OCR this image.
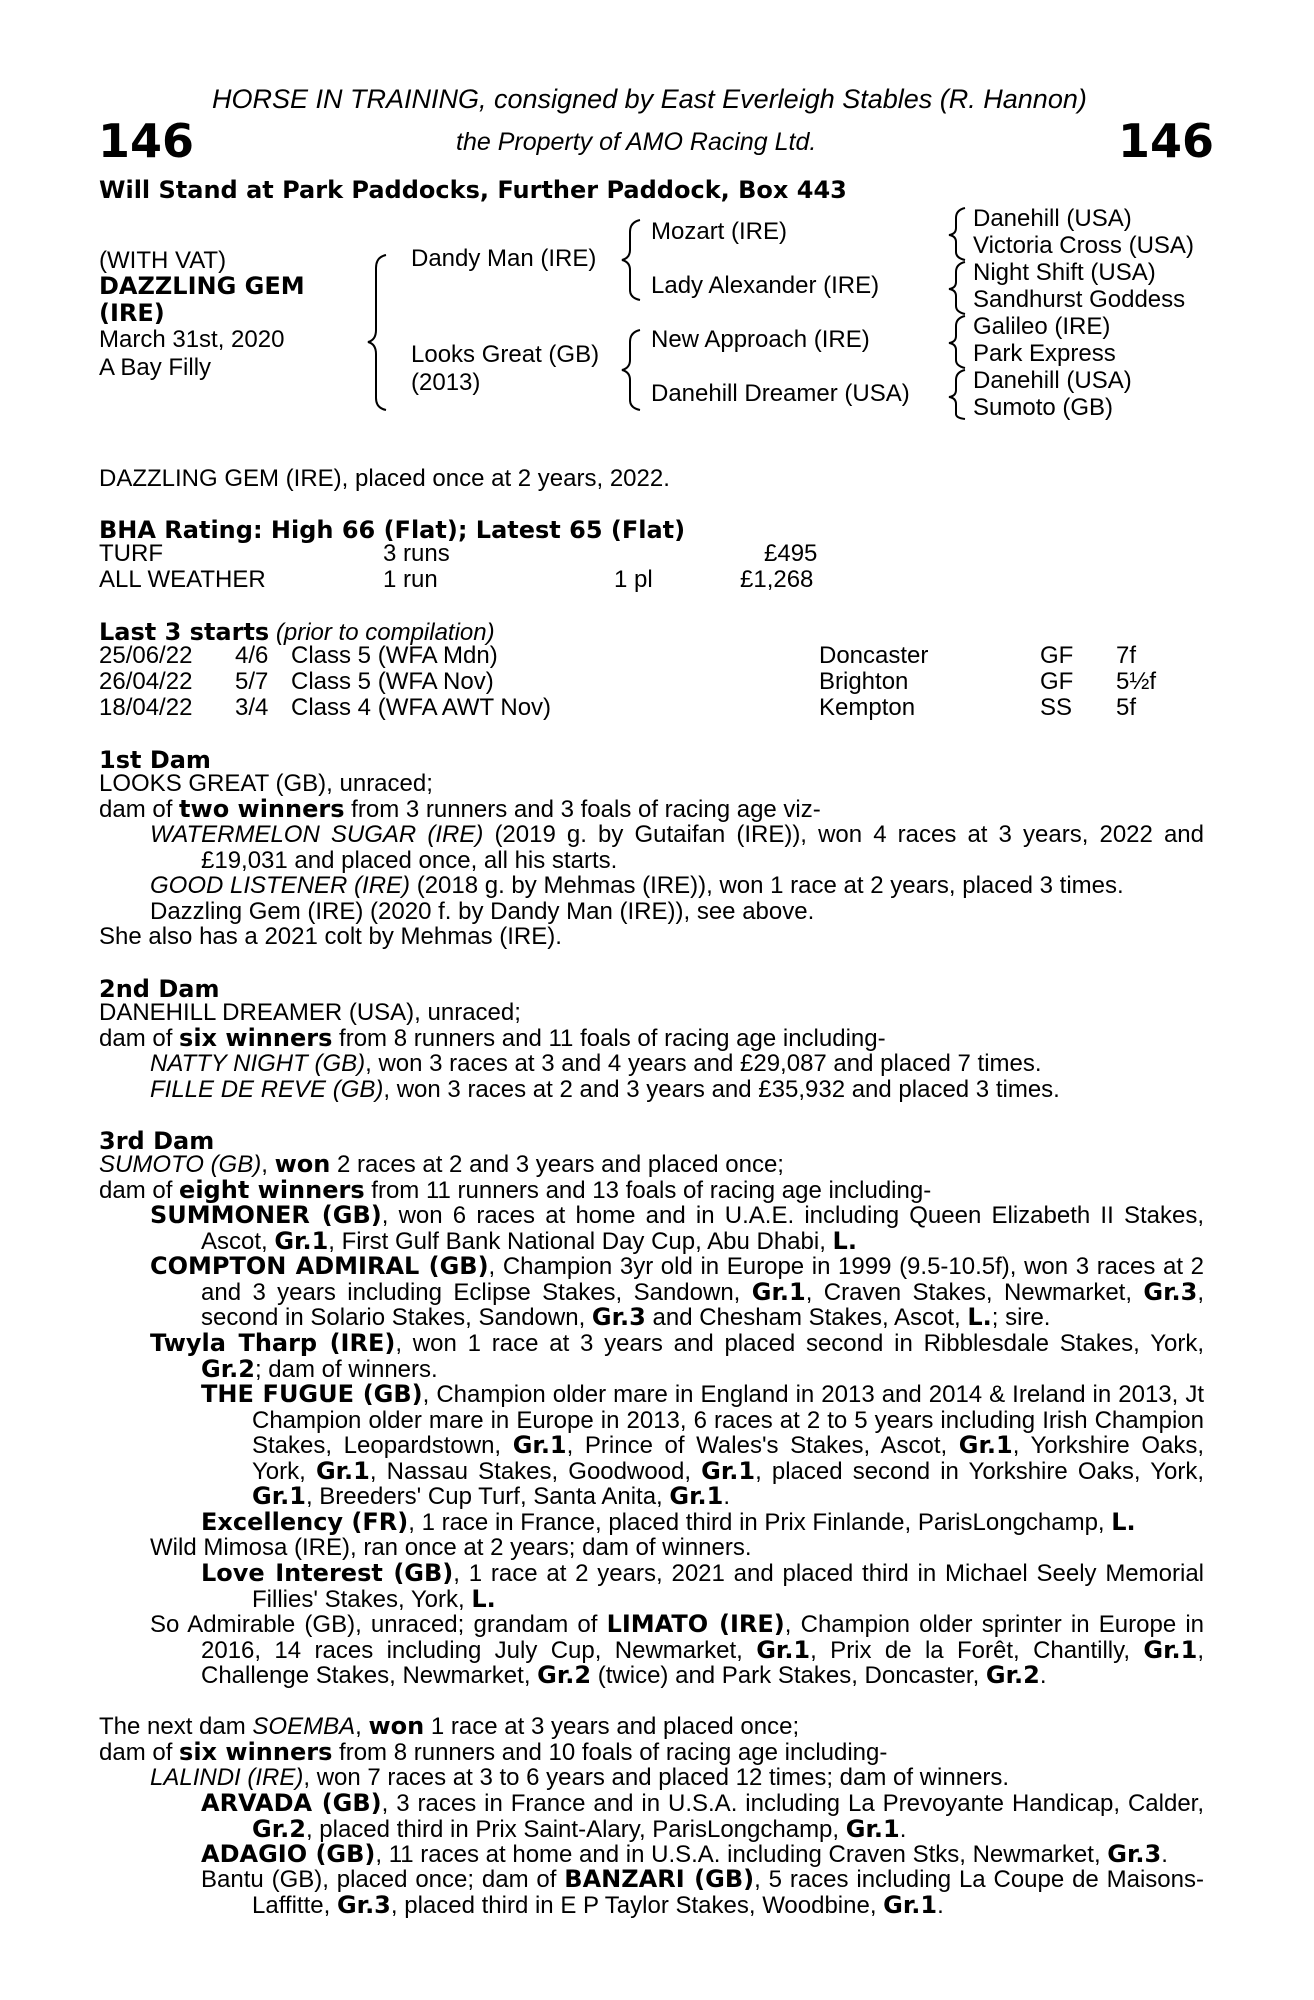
HORSE IN TRAINING, consigned by East Everleigh Stables (R. Hannon)
146	the Property of AMO Racing Ltd.	146
Will Stand at Park Paddocks, Further Paddock, Box 443
(WITH VAT)
DAZZLING GEM
(IRE)
March 31st, 2020
A Bay Filly
Dandy Man (IRE)
Looks Great (GB)
(2013)
Mozart (IRE)
Lady Alexander (IRE)
New Approach (IRE)
Danehill Dreamer (USA)
Danehill (USA)
Victoria Cross (USA)
Night Shift (USA)
Sandhurst Goddess
Galileo (IRE)
Park Express
Danehill (USA)
Sumoto (GB)
DAZZLING GEM (IRE), placed once at 2 years, 2022.
BHA Rating: High 66 (Flat); Latest 65 (Flat)
TURF	3 runs	£495
ALL WEATHER	1 run	1 pl	£1,268
Last 3 starts (prior to compilation)
25/06/22 4/6 Class 5 (WFA Mdn)	Doncaster	GF 7f
26/04/22 5/7 Class 5 (WFA Nov)	Brighton	GF 5½f
18/04/22 3/4 Class 4 (WFA AWT Nov)	Kempton	SS 5f
1st Dam
LOOKS GREAT (GB), unraced;
dam of two winners from 3 runners and 3 foals of racing age viz-
WATERMELON SUGAR (IRE) (2019 g. by Gutaifan (IRE)), won 4 races at 3 years, 2022 and £19,031 and placed once, all his starts.
GOOD LISTENER (IRE) (2018 g. by Mehmas (IRE)), won 1 race at 2 years, placed 3 times.
Dazzling Gem (IRE) (2020 f. by Dandy Man (IRE)), see above.
She also has a 2021 colt by Mehmas (IRE).
2nd Dam
DANEHILL DREAMER (USA), unraced;
dam of six winners from 8 runners and 11 foals of racing age including-
NATTY NIGHT (GB), won 3 races at 3 and 4 years and £29,087 and placed 7 times.
FILLE DE REVE (GB), won 3 races at 2 and 3 years and £35,932 and placed 3 times.
3rd Dam
SUMOTO (GB), won 2 races at 2 and 3 years and placed once;
dam of eight winners from 11 runners and 13 foals of racing age including-
SUMMONER (GB), won 6 races at home and in U.A.E. including Queen Elizabeth II Stakes, Ascot, Gr.1, First Gulf Bank National Day Cup, Abu Dhabi, L.
COMPTON ADMIRAL (GB), Champion 3yr old in Europe in 1999 (9.5-10.5f), won 3 races at 2 and 3 years including Eclipse Stakes, Sandown, Gr.1, Craven Stakes, Newmarket, Gr.3, second in Solario Stakes, Sandown, Gr.3 and Chesham Stakes, Ascot, L.; sire.
Twyla Tharp (IRE), won 1 race at 3 years and placed second in Ribblesdale Stakes, York, Gr.2; dam of winners.
THE FUGUE (GB), Champion older mare in England in 2013 and 2014 & Ireland in 2013, Jt Champion older mare in Europe in 2013, 6 races at 2 to 5 years including Irish Champion Stakes, Leopardstown, Gr.1, Prince of Wales's Stakes, Ascot, Gr.1, Yorkshire Oaks, York, Gr.1, Nassau Stakes, Goodwood, Gr.1, placed second in Yorkshire Oaks, York, Gr.1, Breeders' Cup Turf, Santa Anita, Gr.1.
Excellency (FR), 1 race in France, placed third in Prix Finlande, ParisLongchamp, L.
Wild Mimosa (IRE), ran once at 2 years; dam of winners.
Love Interest (GB), 1 race at 2 years, 2021 and placed third in Michael Seely Memorial Fillies' Stakes, York, L.
So Admirable (GB), unraced; grandam of LIMATO (IRE), Champion older sprinter in Europe in 2016, 14 races including July Cup, Newmarket, Gr.1, Prix de la Forêt, Chantilly, Gr.1, Challenge Stakes, Newmarket, Gr.2 (twice) and Park Stakes, Doncaster, Gr.2.
The next dam SOEMBA, won 1 race at 3 years and placed once;
dam of six winners from 8 runners and 10 foals of racing age including-
LALINDI (IRE), won 7 races at 3 to 6 years and placed 12 times; dam of winners.
ARVADA (GB), 3 races in France and in U.S.A. including La Prevoyante Handicap, Calder, Gr.2, placed third in Prix Saint-Alary, ParisLongchamp, Gr.1.
ADAGIO (GB), 11 races at home and in U.S.A. including Craven Stks, Newmarket, Gr.3.
Bantu (GB), placed once; dam of BANZARI (GB), 5 races including La Coupe de Maisons-Laffitte, Gr.3, placed third in E P Taylor Stakes, Woodbine, Gr.1.
